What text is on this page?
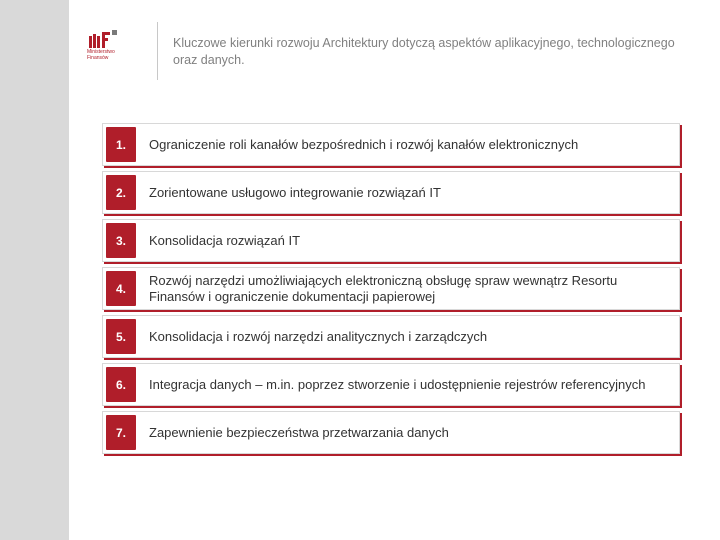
Ministerstwo
Finansów
Kluczowe kierunki rozwoju Architektury dotyczą aspektów aplikacyjnego, technologicznego oraz danych.
1.	Ograniczenie roli kanałów bezpośrednich i rozwój kanałów elektronicznych
2.	Zorientowane usługowo integrowanie rozwiązań IT
3.	Konsolidacja rozwiązań IT
4.
Rozwój narzędzi umożliwiających elektroniczną obsługę spraw wewnątrz Resortu Finansów i ograniczenie dokumentacji papierowej
5.	Konsolidacja i rozwój narzędzi analitycznych i zarządczych
6.	Integracja danych – m.in. poprzez stworzenie i udostępnienie rejestrów referencyjnych
7.	Zapewnienie bezpieczeństwa przetwarzania danych
